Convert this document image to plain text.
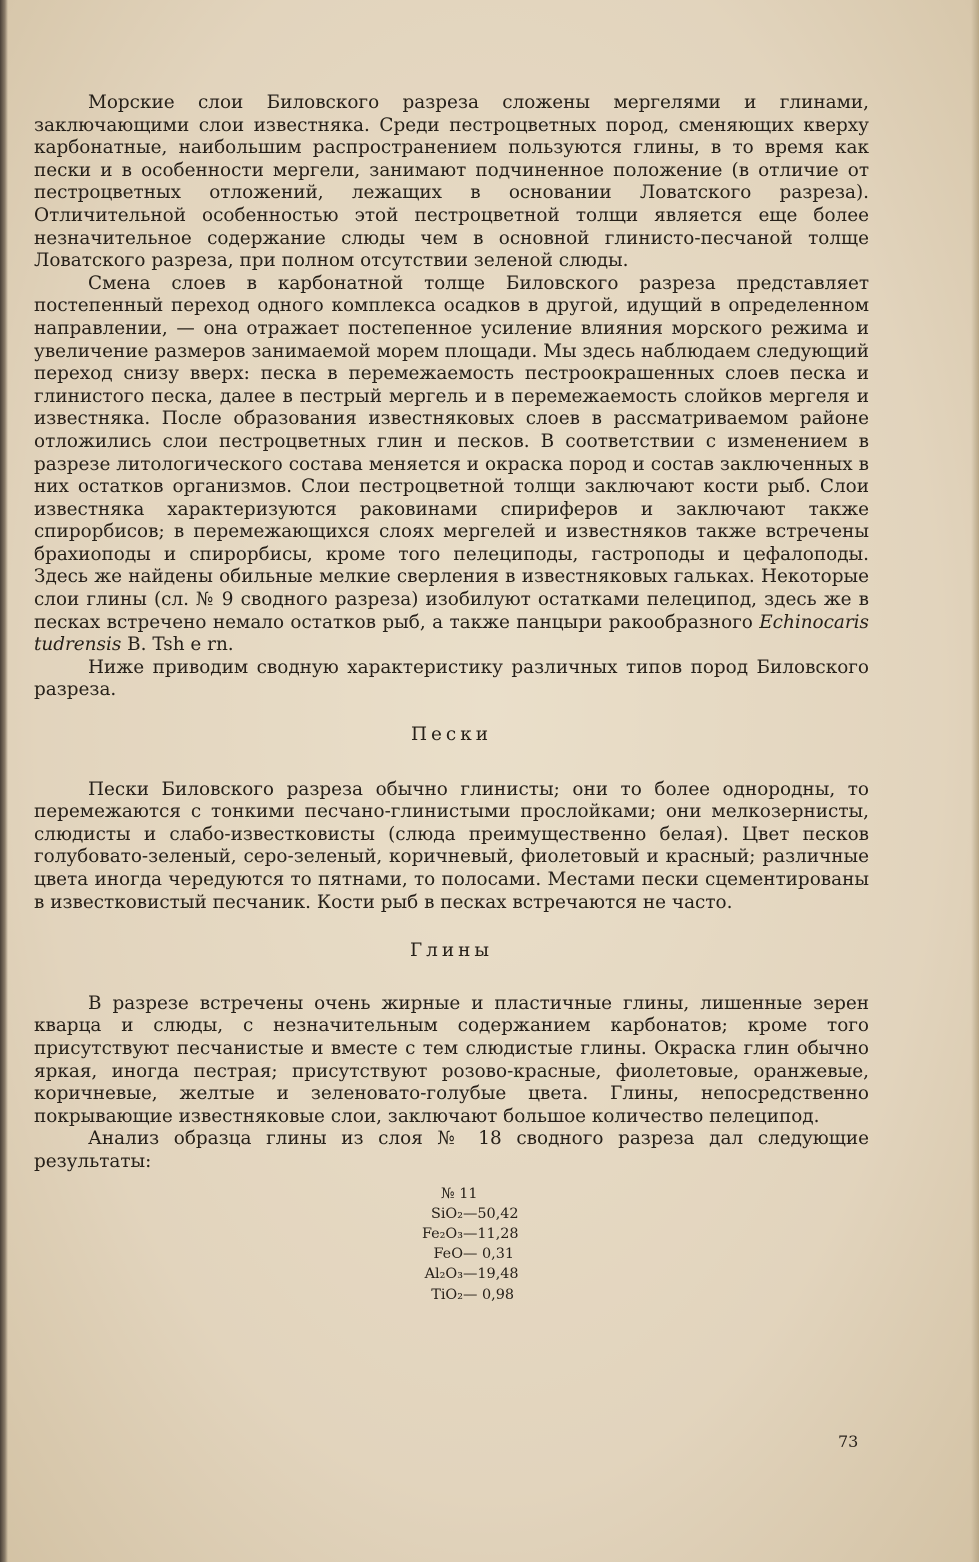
Морские слои Биловского разреза сложены мергелями и глинами, заключающими слои известняка. Среди пестроцветных пород, сменяющих кверху карбонатные, наибольшим распространением пользуются глины, в то время как пески и в особенности мергели, занимают подчиненное положение (в отличие от пестроцветных отложений, лежащих в основании Ловатского разреза). Отличительной особенностью этой пестроцветной толщи является еще более незначительное содержание слюды чем в основной глинисто-песчаной толще Ловатского разреза, при полном отсутствии зеленой слюды.

Смена слоев в карбонатной толще Биловского разреза представляет постепенный переход одного комплекса осадков в другой, идущий в определенном направлении, — она отражает постепенное усиление влияния морского режима и увеличение размеров занимаемой морем площади. Мы здесь наблюдаем следующий переход снизу вверх: песка в перемежаемость пестроокрашенных слоев песка и глинистого песка, далее в пестрый мергель и в перемежаемость слойков мергеля и известняка. После образования известняковых слоев в рассматриваемом районе отложились слои пестроцветных глин и песков. В соответствии с изменением в разрезе литологического состава меняется и окраска пород и состав заключенных в них остатков организмов. Слои пестроцветной толщи заключают кости рыб. Слои известняка характеризуются раковинами спириферов и заключают также спирорбисов; в перемежающихся слоях мергелей и известняков также встречены брахиоподы и спирорбисы, кроме того пелециподы, гастроподы и цефалоподы. Здесь же найдены обильные мелкие сверления в известняковых гальках. Некоторые слои глины (сл. № 9 сводного разреза) изобилуют остатками пелеципод, здесь же в песках встречено немало остатков рыб, а также панцыри ракообразного Echinocaris tudrensis В. Tsh e rn.

Ниже приводим сводную характеристику различных типов пород Биловского разреза.

Пески

Пески Биловского разреза обычно глинисты; они то более однородны, то перемежаются с тонкими песчано-глинистыми прослойками; они мелкозернисты, слюдисты и слабо-известковисты (слюда преимущественно белая). Цвет песков голубовато-зеленый, серо-зеленый, коричневый, фиолетовый и красный; различные цвета иногда чередуются то пятнами, то полосами. Местами пески сцементированы в известковистый песчаник. Кости рыб в песках встречаются не часто.

Глины

В разрезе встречены очень жирные и пластичные глины, лишенные зерен кварца и слюды, с незначительным содержанием карбонатов; кроме того присутствуют песчанистые и вместе с тем слюдистые глины. Окраска глин обычно яркая, иногда пестрая; присутствуют розово-красные, фиолетовые, оранжевые, коричневые, желтые и зеленовато-голубые цвета. Глины, непосредственно покрывающие известняковые слои, заключают большое количество пелеципод.

Анализ образца глины из слоя № 18 сводного разреза дал следующие результаты:

№ 11
SiO₂ —50,42
Fe₂O₃ —11,28
FeO — 0,31
Al₂O₃ —19,48
TiO₂ — 0,98
73
